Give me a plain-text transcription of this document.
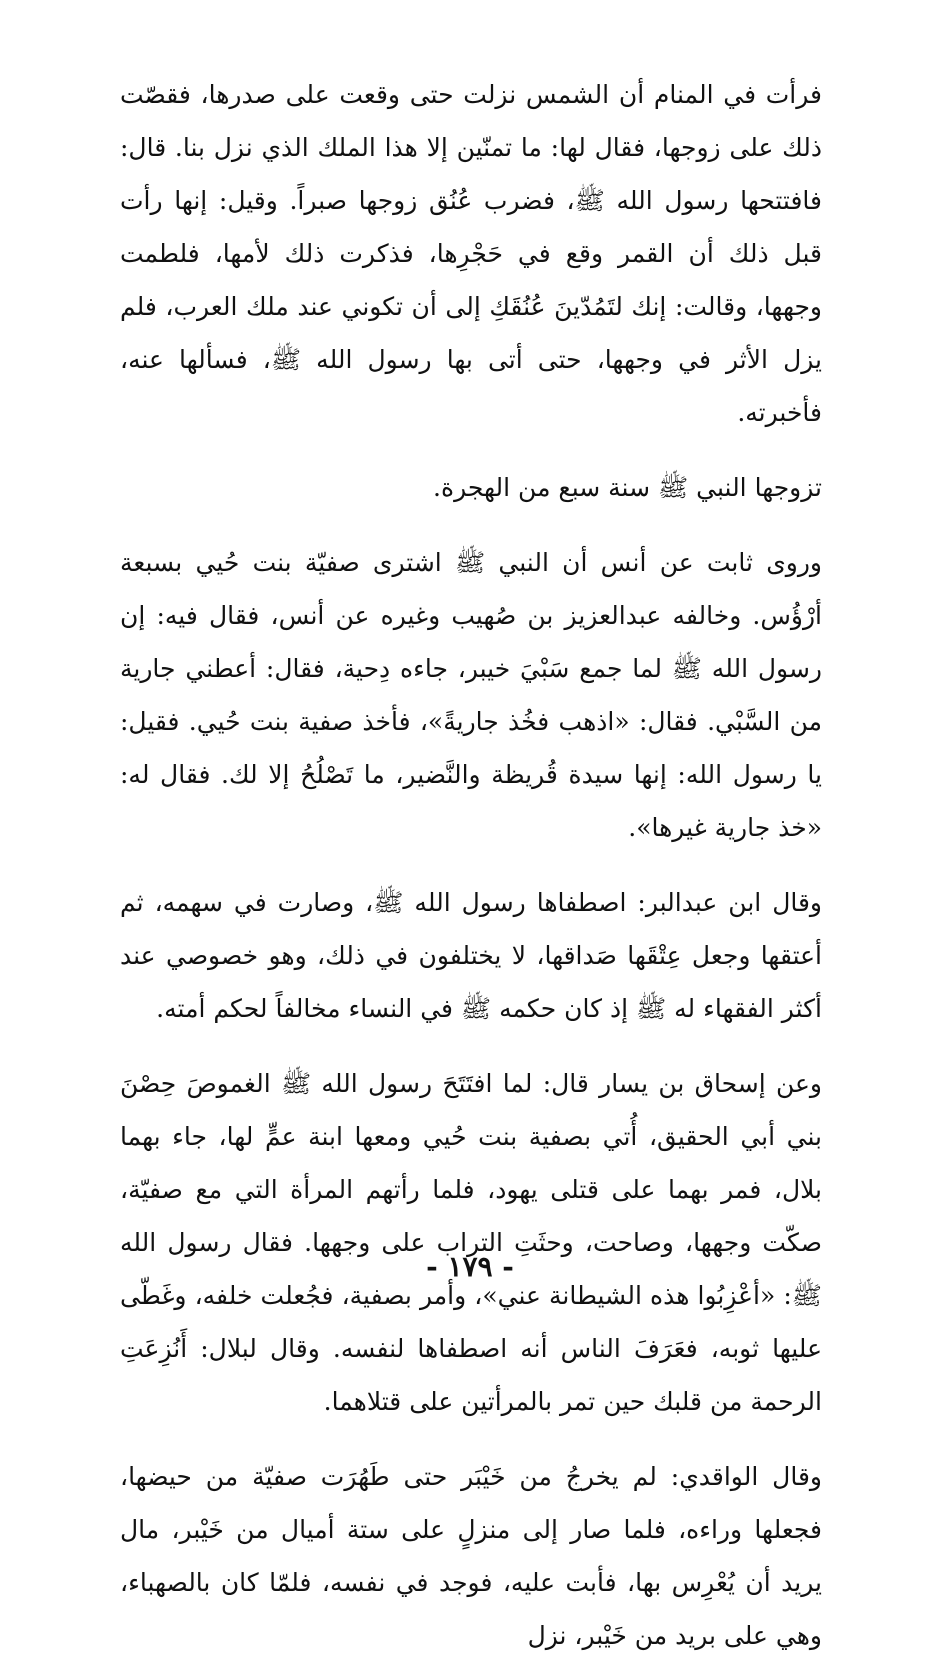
فرأت في المنام أن الشمس نزلت حتى وقعت على صدرها، فقصّت ذلك على زوجها، فقال لها: ما تمنّين إلا هذا الملك الذي نزل بنا. قال: فافتتحها رسول الله ﷺ، فضرب عُنُق زوجها صبراً. وقيل: إنها رأت قبل ذلك أن القمر وقع في حَجْرِها، فذكرت ذلك لأمها، فلطمت وجهها، وقالت: إنك لتَمُدّينَ عُنُقَكِ إلى أن تكوني عند ملك العرب، فلم يزل الأثر في وجهها، حتى أتى بها رسول الله ﷺ، فسألها عنه، فأخبرته.

تزوجها النبي ﷺ سنة سبع من الهجرة.

وروى ثابت عن أنس أن النبي ﷺ اشترى صفيّة بنت حُيي بسبعة أرْؤُس. وخالفه عبدالعزيز بن صُهيب وغيره عن أنس، فقال فيه: إن رسول الله ﷺ لما جمع سَبْيَ خيبر، جاءه دِحية، فقال: أعطني جارية من السَّبْي. فقال: «اذهب فخُذ جاريةً»، فأخذ صفية بنت حُيي. فقيل: يا رسول الله: إنها سيدة قُريظة والنَّضير، ما تَصْلُحُ إلا لك. فقال له: «خذ جارية غيرها».

وقال ابن عبدالبر: اصطفاها رسول الله ﷺ، وصارت في سهمه، ثم أعتقها وجعل عِتْقَها صَداقها، لا يختلفون في ذلك، وهو خصوصي عند أكثر الفقهاء له ﷺ إذ كان حكمه ﷺ في النساء مخالفاً لحكم أمته.

وعن إسحاق بن يسار قال: لما افتَتَحَ رسول الله ﷺ الغموصَ حِصْنَ بني أبي الحقيق، أُتي بصفية بنت حُيي ومعها ابنة عمٍّ لها، جاء بهما بلال، فمر بهما على قتلى يهود، فلما رأتهم المرأة التي مع صفيّة، صكّت وجهها، وصاحت، وحثَتِ التراب على وجهها. فقال رسول الله ﷺ: «أعْزِبُوا هذه الشيطانة عني»، وأمر بصفية، فجُعلت خلفه، وغَطّى عليها ثوبه، فعَرَفَ الناس أنه اصطفاها لنفسه. وقال لبلال: أَنُزِعَتِ الرحمة من قلبك حين تمر بالمرأتين على قتلاهما.

وقال الواقدي: لم يخرجُ من خَيْبَر حتى طَهُرَت صفيّة من حيضها، فجعلها وراءه، فلما صار إلى منزلٍ على ستة أميال من خَيْبر، مال يريد أن يُعْرِس بها، فأبت عليه، فوجد في نفسه، فلمّا كان بالصهباء، وهي على بريد من خَيْبر، نزل

- ١٧٩ -
